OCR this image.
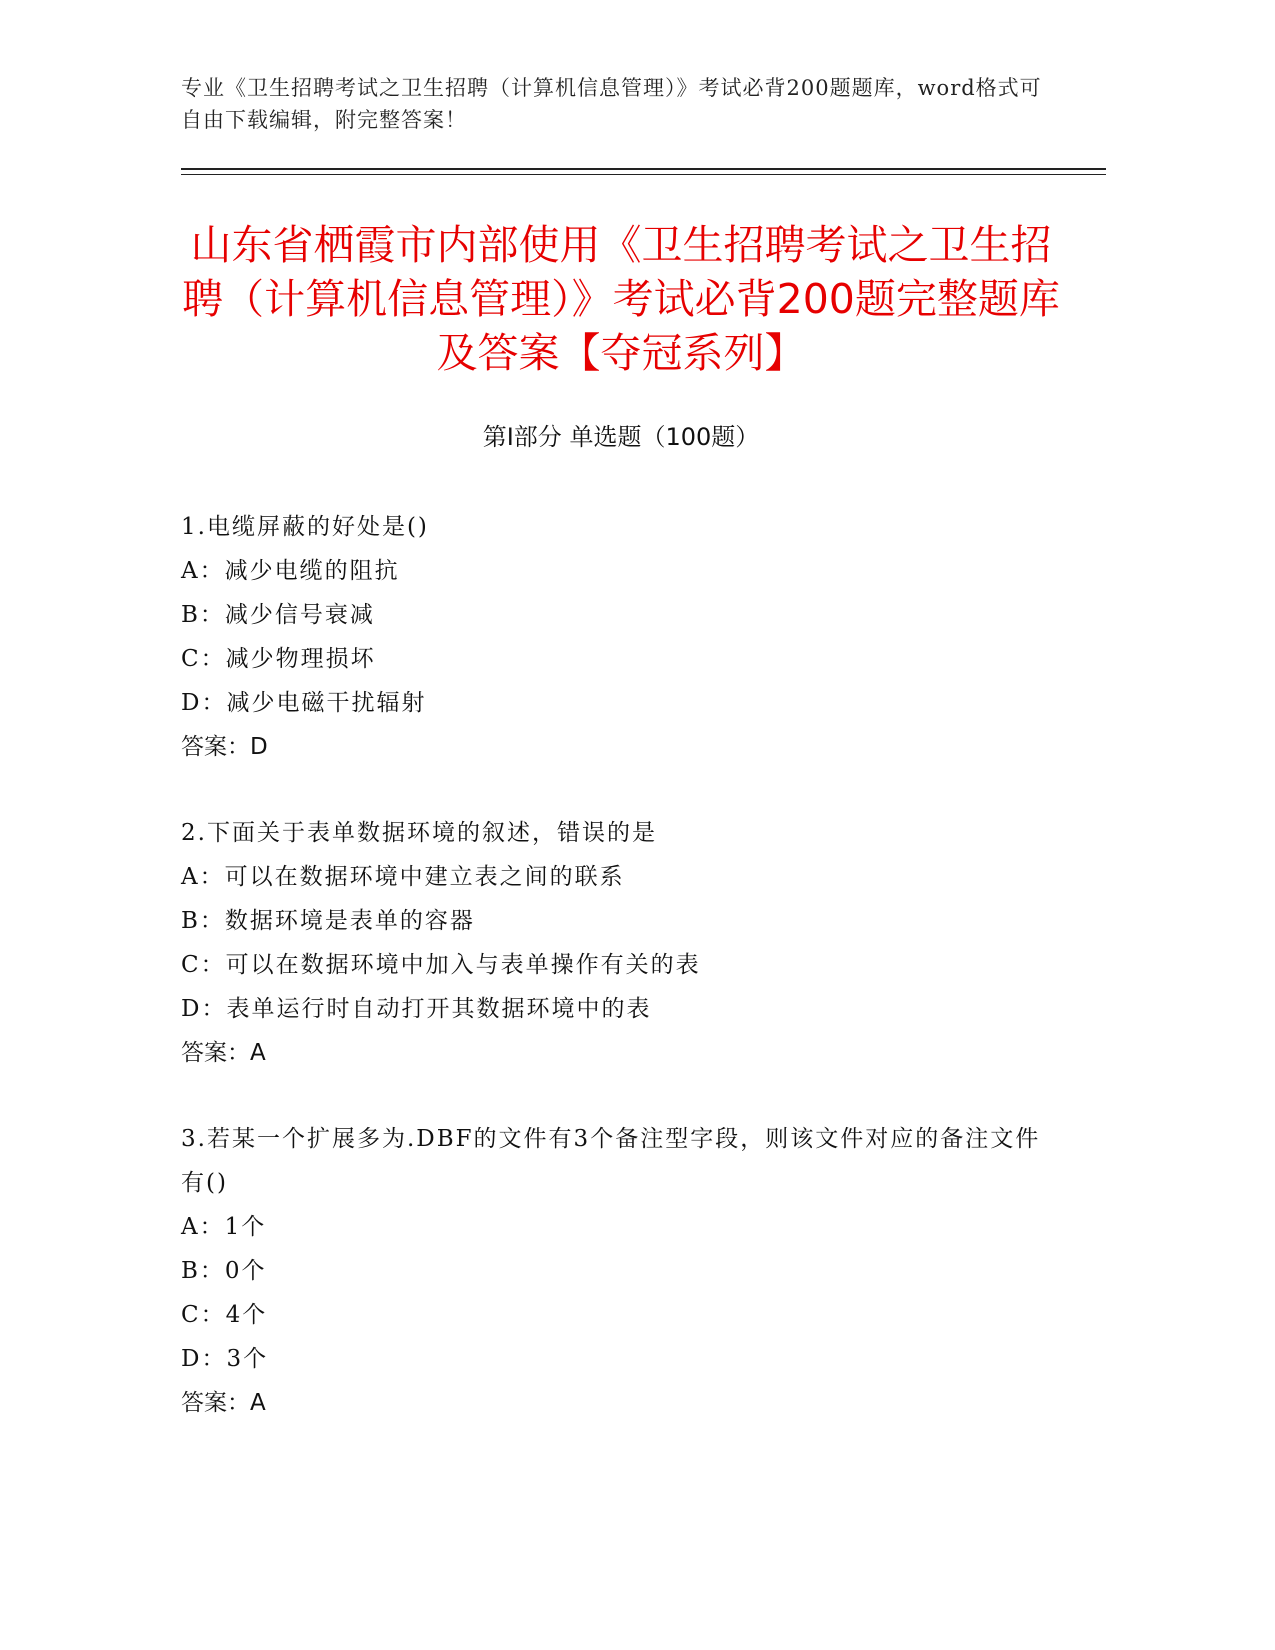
专业《卫生招聘考试之卫生招聘（计算机信息管理）》考试必背200题题库，word格式可自由下载编辑，附完整答案！
山东省栖霞市内部使用《卫生招聘考试之卫生招聘（计算机信息管理）》考试必背200题完整题库及答案【夺冠系列】
第Ⅰ部分 单选题（100题）
1.电缆屏蔽的好处是()
A：减少电缆的阻抗
B：减少信号衰减
C：减少物理损坏
D：减少电磁干扰辐射
答案：D
2.下面关于表单数据环境的叙述，错误的是
A：可以在数据环境中建立表之间的联系
B：数据环境是表单的容器
C：可以在数据环境中加入与表单操作有关的表
D：表单运行时自动打开其数据环境中的表
答案：A
3.若某一个扩展多为.DBF的文件有3个备注型字段，则该文件对应的备注文件有()
A：1个
B：0个
C：4个
D：3个
答案：A
